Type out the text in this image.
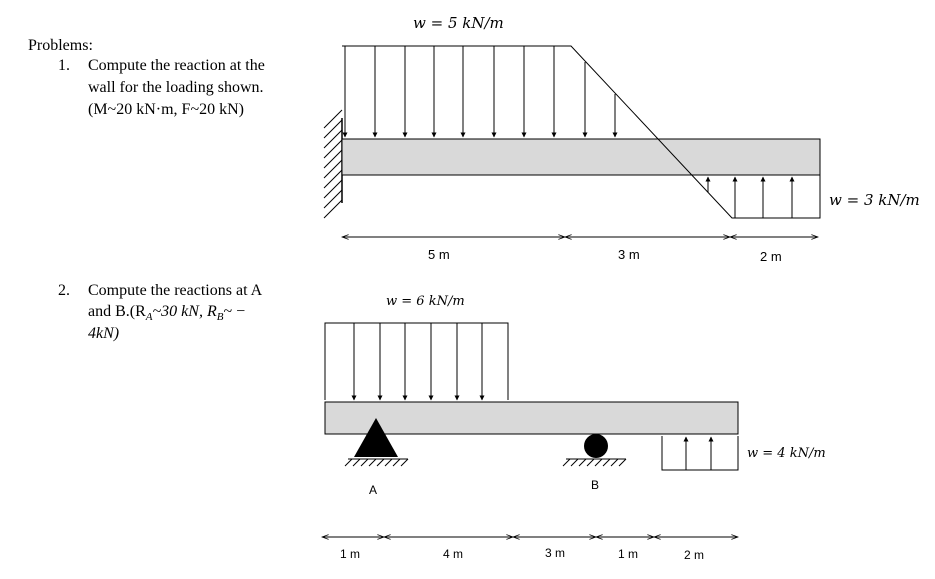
Problems:
1. Compute the reaction at the
wall for the loading shown.
(M~20 kN·m, F~20 kN)
2. Compute the reactions at A
and $B.(R_A\sim 30$ kN, $R_B\sim$ −
4kN)
w = 5 kN/m
w = 3 kN/m
5 m	3 m	2 m
w = 6 kN/m
w = 4 kN/m
A	B
1 m	4 m	3 m	1 m	2 m
